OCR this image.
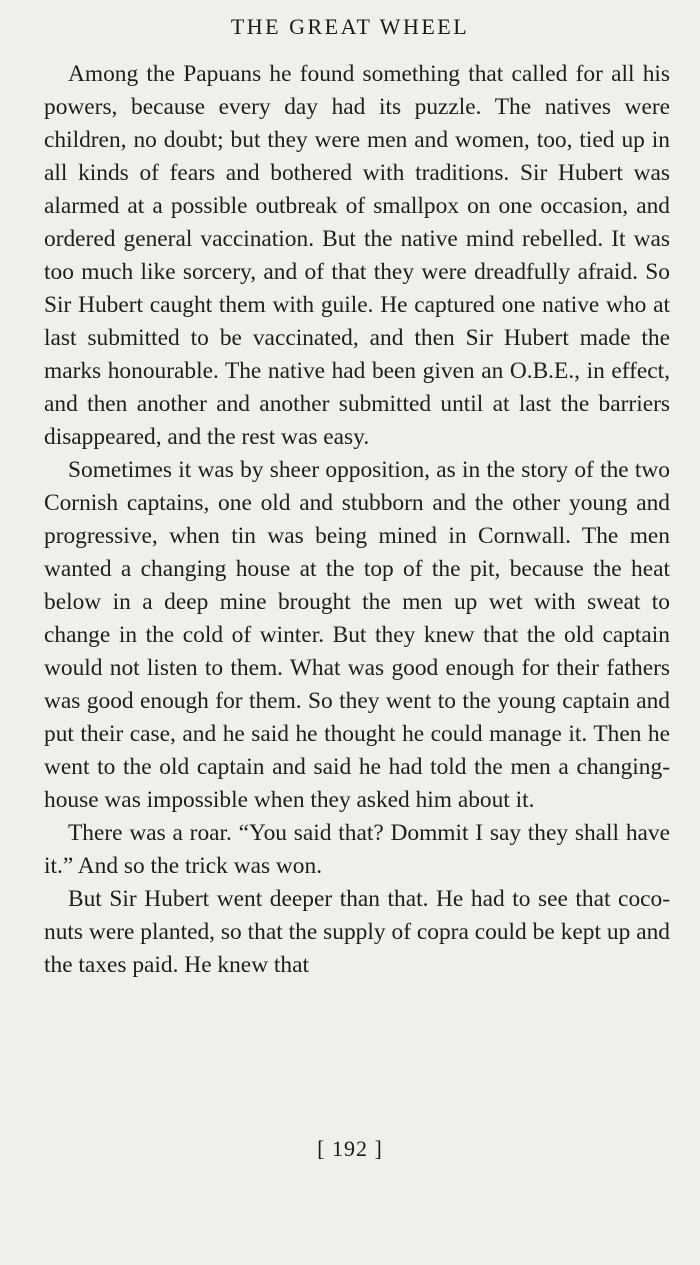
THE GREAT WHEEL

Among the Papuans he found something that called for all his powers, because every day had its puzzle. The natives were children, no doubt; but they were men and women, too, tied up in all kinds of fears and bothered with traditions. Sir Hubert was alarmed at a possible outbreak of smallpox on one occasion, and ordered general vaccination. But the native mind rebelled. It was too much like sorcery, and of that they were dreadfully afraid. So Sir Hubert caught them with guile. He captured one native who at last submitted to be vaccinated, and then Sir Hubert made the marks honourable. The native had been given an O.B.E., in effect, and then another and another submitted until at last the barriers disappeared, and the rest was easy.

Sometimes it was by sheer opposition, as in the story of the two Cornish captains, one old and stubborn and the other young and progressive, when tin was being mined in Cornwall. The men wanted a changing house at the top of the pit, because the heat below in a deep mine brought the men up wet with sweat to change in the cold of winter. But they knew that the old captain would not listen to them. What was good enough for their fathers was good enough for them. So they went to the young captain and put their case, and he said he thought he could manage it. Then he went to the old captain and said he had told the men a changing-house was impossible when they asked him about it.

There was a roar. “You said that? Dommit I say they shall have it.” And so the trick was won.

But Sir Hubert went deeper than that. He had to see that coco-nuts were planted, so that the supply of copra could be kept up and the taxes paid. He knew that

[ 192 ]
